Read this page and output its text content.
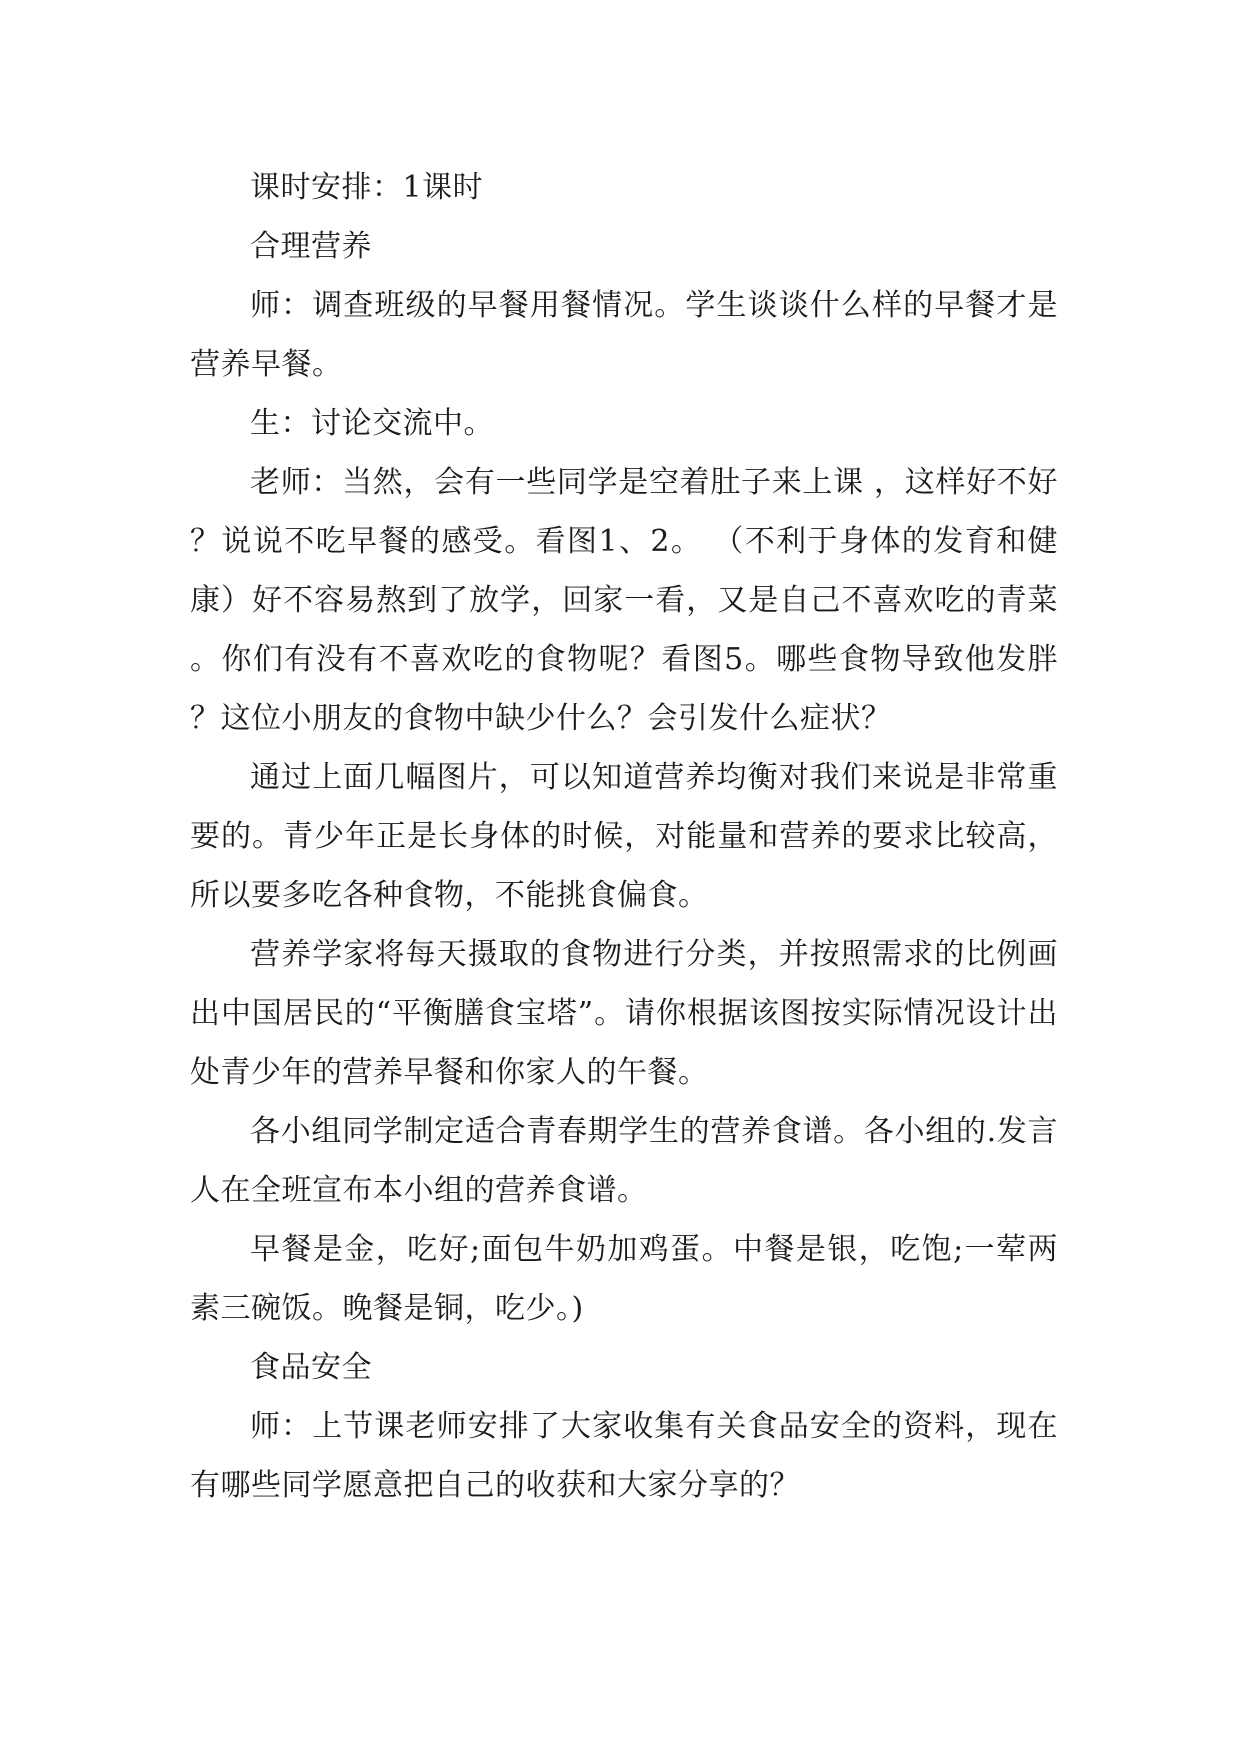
课时安排：1课时

合理营养

师：调查班级的早餐用餐情况。学生谈谈什么样的早餐才是营养早餐。

生：讨论交流中。

老师：当然，会有一些同学是空着肚子来上课 ，这样好不好？说说不吃早餐的感受。看图1、2。 （不利于身体的发育和健康）好不容易熬到了放学，回家一看，又是自己不喜欢吃的青菜。你们有没有不喜欢吃的食物呢？看图5。哪些食物导致他发胖？这位小朋友的食物中缺少什么？会引发什么症状？

通过上面几幅图片，可以知道营养均衡对我们来说是非常重要的。青少年正是长身体的时候，对能量和营养的要求比较高，所以要多吃各种食物，不能挑食偏食。

营养学家将每天摄取的食物进行分类，并按照需求的比例画出中国居民的“平衡膳食宝塔”。请你根据该图按实际情况设计出处青少年的营养早餐和你家人的午餐。

各小组同学制定适合青春期学生的营养食谱。各小组的.发言人在全班宣布本小组的营养食谱。

早餐是金，吃好;面包牛奶加鸡蛋。中餐是银，吃饱;一荤两素三碗饭。晚餐是铜，吃少。)

食品安全

师：上节课老师安排了大家收集有关食品安全的资料，现在有哪些同学愿意把自己的收获和大家分享的？
